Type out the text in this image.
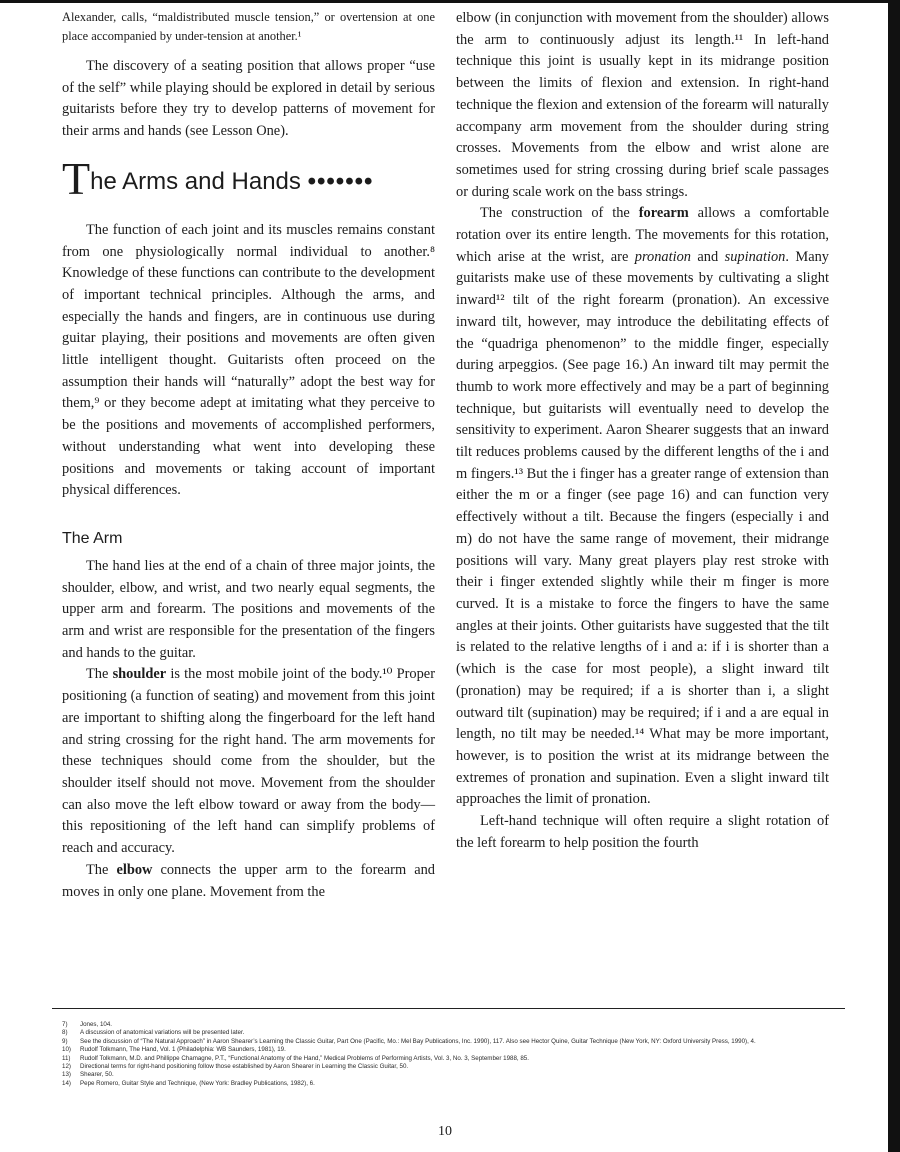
Alexander, calls, “maldistributed muscle tension,” or overtension at one place accompanied by under-tension at another.¹

The discovery of a seating position that allows proper “use of the self” while playing should be explored in detail by serious guitarists before they try to develop patterns of movement for their arms and hands (see Lesson One).

The Arms and Hands •••••••

The function of each joint and its muscles remains constant from one physiologically normal individual to another.⁸ Knowledge of these functions can contribute to the development of important technical principles. Although the arms, and especially the hands and fingers, are in continuous use during guitar playing, their positions and movements are often given little intelligent thought. Guitarists often proceed on the assumption their hands will “naturally” adopt the best way for them,⁹ or they become adept at imitating what they perceive to be the positions and movements of accomplished performers, without understanding what went into developing these positions and movements or taking account of important physical differences.

The Arm

The hand lies at the end of a chain of three major joints, the shoulder, elbow, and wrist, and two nearly equal segments, the upper arm and forearm. The positions and movements of the arm and wrist are responsible for the presentation of the fingers and hands to the guitar.

The shoulder is the most mobile joint of the body.¹⁰ Proper positioning (a function of seating) and movement from this joint are important to shifting along the fingerboard for the left hand and string crossing for the right hand. The arm movements for these techniques should come from the shoulder, but the shoulder itself should not move. Movement from the shoulder can also move the left elbow toward or away from the body—this repositioning of the left hand can simplify problems of reach and accuracy.

The elbow connects the upper arm to the forearm and moves in only one plane. Movement from the

elbow (in conjunction with movement from the shoulder) allows the arm to continuously adjust its length.¹¹ In left-hand technique this joint is usually kept in its midrange position between the limits of flexion and extension. In right-hand technique the flexion and extension of the forearm will naturally accompany arm movement from the shoulder during string crosses. Movements from the elbow and wrist alone are sometimes used for string crossing during brief scale passages or during scale work on the bass strings.

The construction of the forearm allows a comfortable rotation over its entire length. The movements for this rotation, which arise at the wrist, are pronation and supination. Many guitarists make use of these movements by cultivating a slight inward¹² tilt of the right forearm (pronation). An excessive inward tilt, however, may introduce the debilitating effects of the “quadriga phenomenon” to the middle finger, especially during arpeggios. (See page 16.) An inward tilt may permit the thumb to work more effectively and may be a part of beginning technique, but guitarists will eventually need to develop the sensitivity to experiment. Aaron Shearer suggests that an inward tilt reduces problems caused by the different lengths of the i and m fingers.¹³ But the i finger has a greater range of extension than either the m or a finger (see page 16) and can function very effectively without a tilt. Because the fingers (especially i and m) do not have the same range of movement, their midrange positions will vary. Many great players play rest stroke with their i finger extended slightly while their m finger is more curved. It is a mistake to force the fingers to have the same angles at their joints. Other guitarists have suggested that the tilt is related to the relative lengths of i and a: if i is shorter than a (which is the case for most people), a slight inward tilt (pronation) may be required; if a is shorter than i, a slight outward tilt (supination) may be required; if i and a are equal in length, no tilt may be needed.¹⁴ What may be more important, however, is to position the wrist at its midrange between the extremes of pronation and supination. Even a slight inward tilt approaches the limit of pronation.

Left-hand technique will often require a slight rotation of the left forearm to help position the fourth

7)	Jones, 104.
8)	A discussion of anatomical variations will be presented later.
9)	See the discussion of “The Natural Approach” in Aaron Shearer’s Learning the Classic Guitar, Part One (Pacific, Mo.: Mel Bay Publications, Inc. 1990), 117. Also see Hector Quine, Guitar Technique (New York, NY: Oxford University Press, 1990), 4.
10)	Rudolf Tolkmann, The Hand, Vol. 1 (Philadelphia: WB Saunders, 1981), 19.
11)	Rudolf Tolkmann, M.D. and Phillippe Chamagne, P.T., “Functional Anatomy of the Hand,” Medical Problems of Performing Artists, Vol. 3, No. 3, September 1988, 85.
12)	Directional terms for right-hand positioning follow those established by Aaron Shearer in Learning the Classic Guitar, 50.
13)	Shearer, 50.
14)	Pepe Romero, Guitar Style and Technique, (New York: Bradley Publications, 1982), 6.
10
